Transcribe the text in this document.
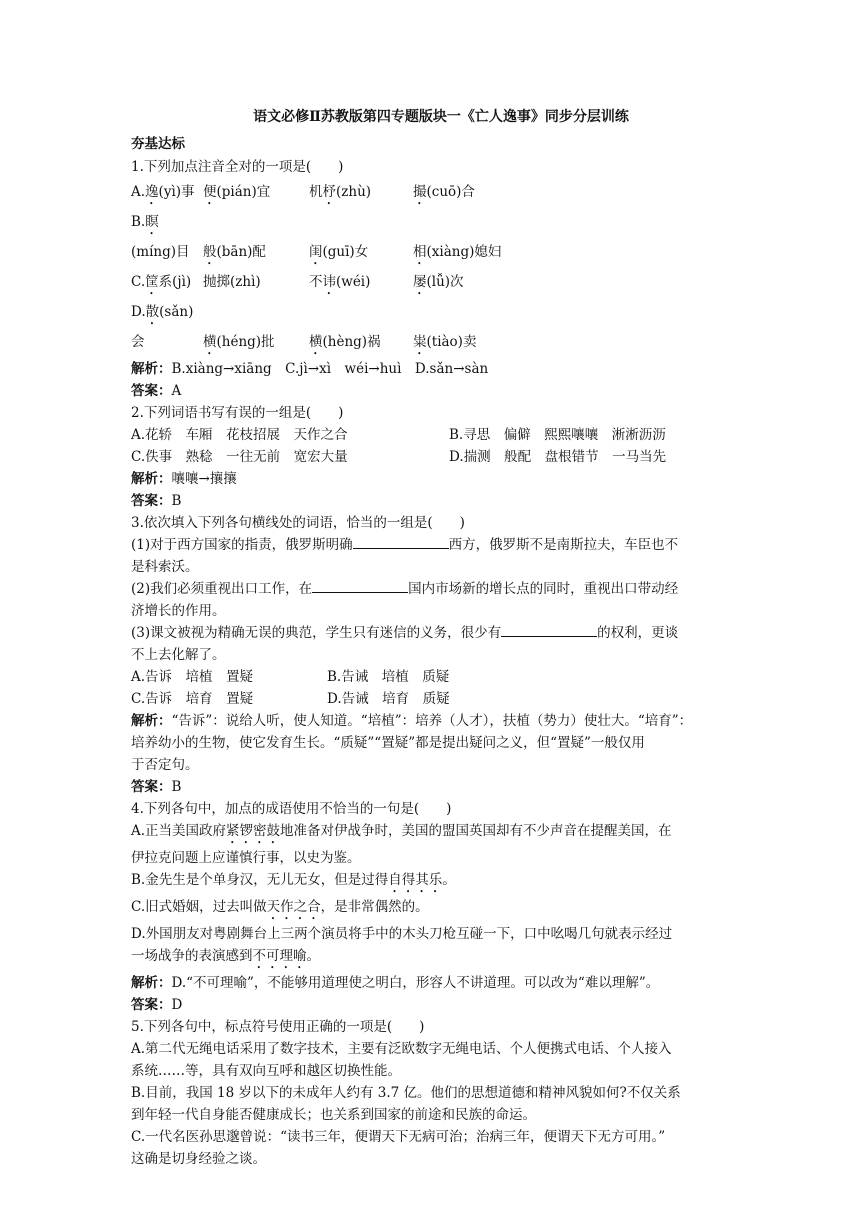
语文必修Ⅱ苏教版第四专题版块一《亡人逸事》同步分层训练
夯基达标
1.下列加点注音全对的一项是(　　)
A.逸(yì)事 便(pián)宜	机杼(zhù)	撮(cuō)合
B.瞑(míng)目 般(bān)配	闺(guī)女	相(xiàng)媳妇
C.筐系(jì) 抛掷(zhì)	不讳(wéi)	屡(lǚ)次
D.散(sǎn)会	横(héng)批	横(hèng)祸 粜(tiào)卖
解析：B.xiàng→xiāng　C.jì→xì　wéi→huì　D.sǎn→sàn
答案：A
2.下列词语书写有误的一组是(　　)
A.花轿　车厢　花枝招展　天作之合	B.寻思　偏僻　熙熙嚷嚷　淅淅沥沥
C.佚事　熟稔　一往无前　宽宏大量	D.揣测　般配　盘根错节　一马当先
解析：嚷嚷→攘攘
答案：B
3.依次填入下列各句横线处的词语，恰当的一组是(　　)
(1)对于西方国家的指责，俄罗斯明确	西方，俄罗斯不是南斯拉夫，车臣也不
是科索沃。
(2)我们必须重视出口工作，在	国内市场新的增长点的同时，重视出口带动经
济增长的作用。
(3)课文被视为精确无误的典范，学生只有迷信的义务，很少有	的权利，更谈
不上去化解了。
A.告诉　培植　置疑	B.告诫　培植　质疑
C.告诉　培育　置疑	D.告诫　培育　质疑
解析：“告诉”：说给人听，使人知道。“培植”：培养（人才），扶植（势力）使壮大。“培育”：
培养幼小的生物，使它发育生长。“质疑”“置疑”都是提出疑问之义，但“置疑”一般仅用
于否定句。
答案：B
4.下列各句中，加点的成语使用不恰当的一句是(　　)
A.正当美国政府紧锣密鼓地准备对伊战争时，美国的盟国英国却有不少声音在提醒美国，在
伊拉克问题上应谨慎行事，以史为鉴。
B.金先生是个单身汉，无儿无女，但是过得自得其乐。
C.旧式婚姻，过去叫做天作之合，是非常偶然的。
D.外国朋友对粤剧舞台上三两个演员将手中的木头刀枪互碰一下，口中吆喝几句就表示经过
一场战争的表演感到不可理喻。
解析：D.“不可理喻”，不能够用道理使之明白，形容人不讲道理。可以改为“难以理解”。
答案：D
5.下列各句中，标点符号使用正确的一项是(　　)
A.第二代无绳电话采用了数字技术，主要有泛欧数字无绳电话、个人便携式电话、个人接入
系统……等，具有双向互呼和越区切换性能。
B.目前，我国 18 岁以下的未成年人约有 3.7 亿。他们的思想道德和精神风貌如何?不仅关系
到年轻一代自身能否健康成长；也关系到国家的前途和民族的命运。
C.一代名医孙思邈曾说：“读书三年，便谓天下无病可治；治病三年，便谓天下无方可用。”
这确是切身经验之谈。
